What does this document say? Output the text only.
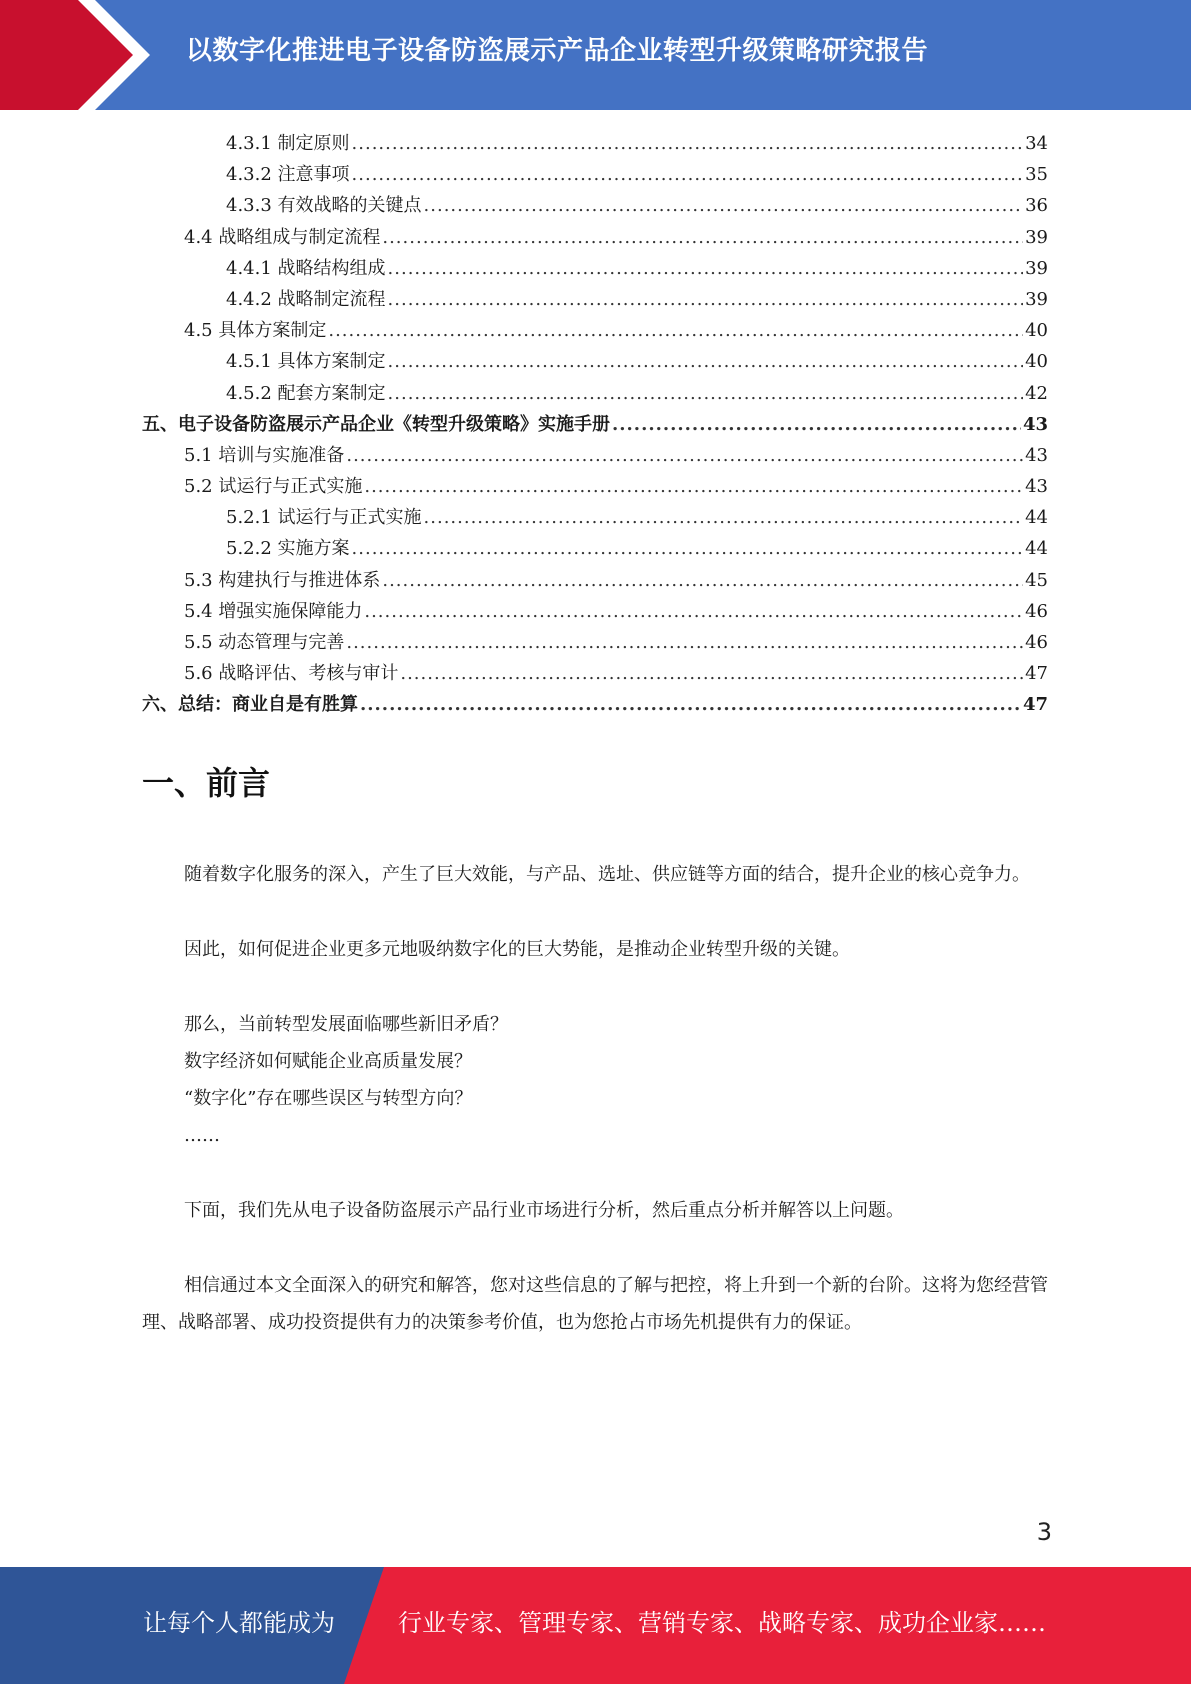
以数字化推进电子设备防盗展示产品企业转型升级策略研究报告
4.3.1 制定原则 .....	34
4.3.2 注意事项 .....	35
4.3.3 有效战略的关键点 .....	36
4.4 战略组成与制定流程 .....	39
4.4.1 战略结构组成 .....	39
4.4.2 战略制定流程 .....	39
4.5 具体方案制定 .....	40
4.5.1 具体方案制定 .....	40
4.5.2 配套方案制定 .....	42
五、电子设备防盗展示产品企业《转型升级策略》实施手册 .....	43
5.1 培训与实施准备 .....	43
5.2 试运行与正式实施 .....	43
5.2.1 试运行与正式实施 .....	44
5.2.2 实施方案 .....	44
5.3 构建执行与推进体系 .....	45
5.4 增强实施保障能力 .....	46
5.5 动态管理与完善 .....	46
5.6 战略评估、考核与审计 .....	47
六、总结：商业自是有胜算 .....	47
一、前言

随着数字化服务的深入，产生了巨大效能，与产品、选址、供应链等方面的结合，提升企业的核心竞争力。

因此，如何促进企业更多元地吸纳数字化的巨大势能，是推动企业转型升级的关键。

那么，当前转型发展面临哪些新旧矛盾？

数字经济如何赋能企业高质量发展？

“数字化”存在哪些误区与转型方向？

……

下面，我们先从电子设备防盗展示产品行业市场进行分析，然后重点分析并解答以上问题。

相信通过本文全面深入的研究和解答，您对这些信息的了解与把控，将上升到一个新的台阶。这将为您经营管理、战略部署、成功投资提供有力的决策参考价值，也为您抢占市场先机提供有力的保证。

3
让每个人都能成为	行业专家、管理专家、营销专家、战略专家、成功企业家……
